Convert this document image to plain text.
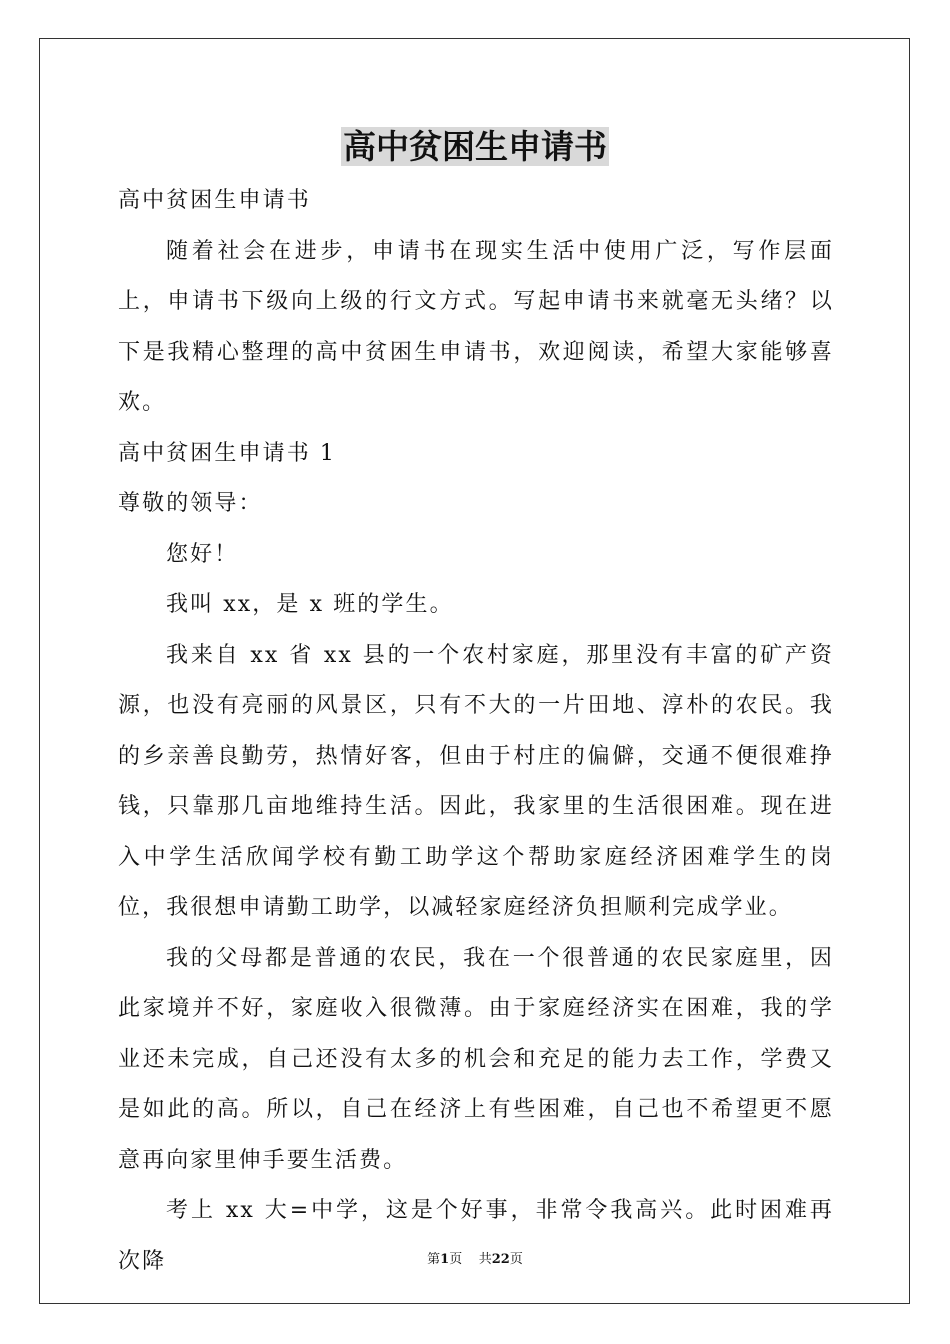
高中贫困生申请书

高中贫困生申请书

随着社会在进步，申请书在现实生活中使用广泛，写作层面上，申请书下级向上级的行文方式。写起申请书来就毫无头绪？以下是我精心整理的高中贫困生申请书，欢迎阅读，希望大家能够喜欢。

高中贫困生申请书 1

尊敬的领导：

您好！

我叫 xx，是 x 班的学生。

我来自 xx 省 xx 县的一个农村家庭，那里没有丰富的矿产资源，也没有亮丽的风景区，只有不大的一片田地、淳朴的农民。我的乡亲善良勤劳，热情好客，但由于村庄的偏僻，交通不便很难挣钱，只靠那几亩地维持生活。因此，我家里的生活很困难。现在进入中学生活欣闻学校有勤工助学这个帮助家庭经济困难学生的岗位，我很想申请勤工助学，以减轻家庭经济负担顺利完成学业。

我的父母都是普通的农民，我在一个很普通的农民家庭里，因此家境并不好，家庭收入很微薄。由于家庭经济实在困难，我的学业还未完成，自己还没有太多的机会和充足的能力去工作，学费又是如此的高。所以，自己在经济上有些困难，自己也不希望更不愿意再向家里伸手要生活费。

考上 xx 大=中学，这是个好事，非常令我高兴。此时困难再次降	第1页 共22页
